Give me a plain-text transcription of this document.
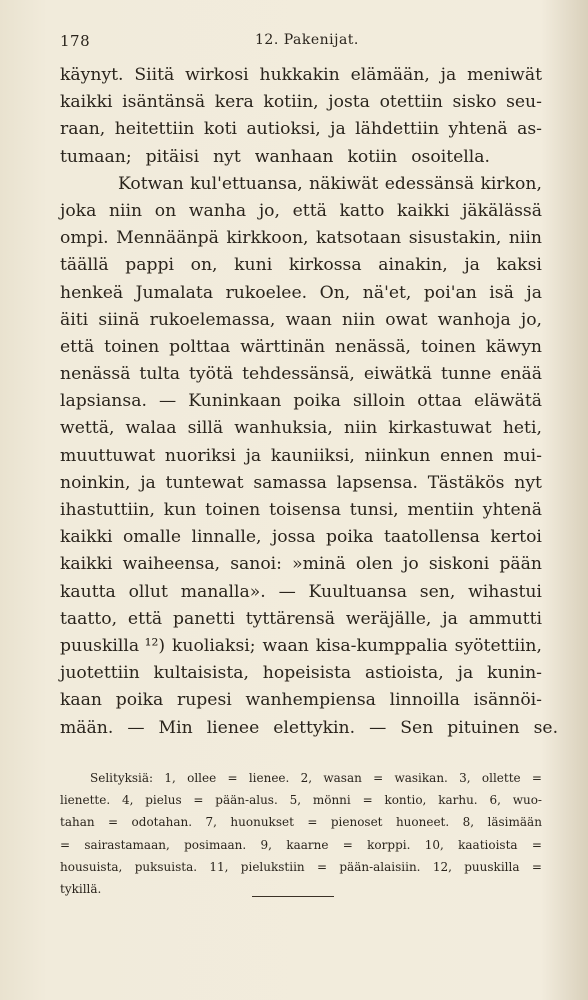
178	12. Pakenijat.
käynyt. Siitä wirkosi hukkakin elämään, ja meniwät
kaikki isäntänsä kera kotiin, josta otettiin sisko seu-
raan, heitettiin koti autioksi, ja lähdettiin yhtenä as-
tumaan; pitäisi nyt wanhaan kotiin osoitella.
Kotwan kul'ettuansa, näkiwät edessänsä kirkon,
joka niin on wanha jo, että katto kaikki jäkälässä
ompi. Mennäänpä kirkkoon, katsotaan sisustakin, niin
täällä pappi on, kuni kirkossa ainakin, ja kaksi
henkeä Jumalata rukoelee. On, nä'et, poi'an isä ja
äiti siinä rukoelemassa, waan niin owat wanhoja jo,
että toinen polttaa wärttinän nenässä, toinen käwyn
nenässä tulta työtä tehdessänsä, eiwätkä tunne enää
lapsiansa. — Kuninkaan poika silloin ottaa eläwätä
wettä, walaa sillä wanhuksia, niin kirkastuwat heti,
muuttuwat nuoriksi ja kauniiksi, niinkun ennen mui-
noinkin, ja tuntewat samassa lapsensa. Tästäkös nyt
ihastuttiin, kun toinen toisensa tunsi, mentiin yhtenä
kaikki omalle linnalle, jossa poika taatollensa kertoi
kaikki waiheensa, sanoi: »minä olen jo siskoni pään
kautta ollut manalla». — Kuultuansa sen, wihastui
taatto, että panetti tyttärensä weräjälle, ja ammutti
puuskilla ¹²) kuoliaksi; waan kisa-kumppalia syötettiin,
juotettiin kultaisista, hopeisista astioista, ja kunin-
kaan poika rupesi wanhempiensa linnoilla isännöi-
mään. — Min lienee elettykin. — Sen pituinen se.
Selityksiä: 1, ollee = lienee. 2, wasan = wasikan. 3, ollette =
lienette. 4, pielus = pään-alus. 5, mönni = kontio, karhu. 6, wuo-
tahan = odotahan. 7, huonukset = pienoset huoneet. 8, läsimään
= sairastamaan, posimaan. 9, kaarne = korppi. 10, kaatioista =
housuista, puksuista. 11, pielukstiin = pään-alaisiin. 12, puuskilla =
tykillä.
